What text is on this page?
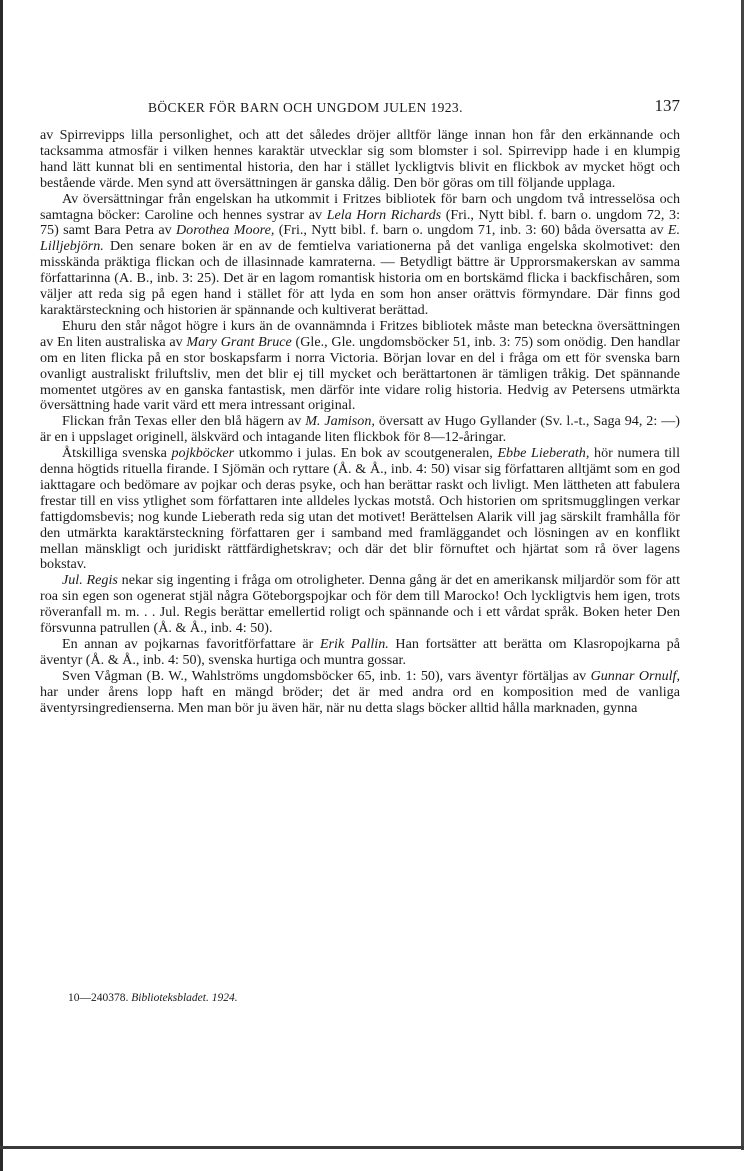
BÖCKER FÖR BARN OCH UNGDOM JULEN 1923.	137

av Spirrevipps lilla personlighet, och att det således dröjer alltför länge innan hon får den erkännande och tacksamma atmosfär i vilken hennes karaktär utvecklar sig som blomster i sol. Spirrevipp hade i en klumpig hand lätt kunnat bli en sentimental historia, den har i stället lyckligtvis blivit en flickbok av mycket högt och bestående värde. Men synd att översättningen är ganska dålig. Den bör göras om till följande upplaga.

Av översättningar från engelskan ha utkommit i Fritzes bibliotek för barn och ungdom två intresselösa och samtagna böcker: Caroline och hennes systrar av Lela Horn Richards (Fri., Nytt bibl. f. barn o. ungdom 72, 3: 75) samt Bara Petra av Dorothea Moore, (Fri., Nytt bibl. f. barn o. ungdom 71, inb. 3: 60) båda översatta av E. Lilljebjörn. Den senare boken är en av de femtielva variationerna på det vanliga engelska skolmotivet: den misskända präktiga flickan och de illasinnade kamraterna. — Betydligt bättre är Upprorsmakerskan av samma författarinna (A. B., inb. 3: 25). Det är en lagom romantisk historia om en bortskämd flicka i backfischåren, som väljer att reda sig på egen hand i stället för att lyda en som hon anser orättvis förmyndare. Där finns god karaktärsteckning och historien är spännande och kultiverat berättad.

Ehuru den står något högre i kurs än de ovannämnda i Fritzes bibliotek måste man beteckna översättningen av En liten australiska av Mary Grant Bruce (Gle., Gle. ungdomsböcker 51, inb. 3: 75) som onödig. Den handlar om en liten flicka på en stor boskapsfarm i norra Victoria. Början lovar en del i fråga om ett för svenska barn ovanligt australiskt friluftsliv, men det blir ej till mycket och berättartonen är tämligen tråkig. Det spännande momentet utgöres av en ganska fantastisk, men därför inte vidare rolig historia. Hedvig av Petersens utmärkta översättning hade varit värd ett mera intressant original.

Flickan från Texas eller den blå hägern av M. Jamison, översatt av Hugo Gyllander (Sv. l.-t., Saga 94, 2: —) är en i uppslaget originell, älskvärd och intagande liten flickbok för 8—12-åringar.

Åtskilliga svenska pojkböcker utkommo i julas. En bok av scoutgeneralen, Ebbe Lieberath, hör numera till denna högtids rituella firande. I Sjömän och ryttare (Å. & Å., inb. 4: 50) visar sig författaren alltjämt som en god iakttagare och bedömare av pojkar och deras psyke, och han berättar raskt och livligt. Men lättheten att fabulera frestar till en viss ytlighet som författaren inte alldeles lyckas motstå. Och historien om spritsmugglingen verkar fattigdomsbevis; nog kunde Lieberath reda sig utan det motivet! Berättelsen Alarik vill jag särskilt framhålla för den utmärkta karaktärsteckning författaren ger i samband med framläggandet och lösningen av en konflikt mellan mänskligt och juridiskt rättfärdighetskrav; och där det blir förnuftet och hjärtat som rå över lagens bokstav.

Jul. Regis nekar sig ingenting i fråga om otroligheter. Denna gång är det en amerikansk miljardör som för att roa sin egen son ogenerat stjäl några Göteborgspojkar och för dem till Marocko! Och lyckligtvis hem igen, trots röveranfall m. m. . . Jul. Regis berättar emellertid roligt och spännande och i ett vårdat språk. Boken heter Den försvunna patrullen (Å. & Å., inb. 4: 50).

En annan av pojkarnas favoritförfattare är Erik Pallin. Han fortsätter att berätta om Klasropojkarna på äventyr (Å. & Å., inb. 4: 50), svenska hurtiga och muntra gossar.

Sven Vågman (B. W., Wahlströms ungdomsböcker 65, inb. 1: 50), vars äventyr förtäljas av Gunnar Ornulf, har under årens lopp haft en mängd bröder; det är med andra ord en komposition med de vanliga äventyrsingredienserna. Men man bör ju även här, när nu detta slags böcker alltid hålla marknaden, gynna

10—240378. Biblioteksbladet. 1924.
